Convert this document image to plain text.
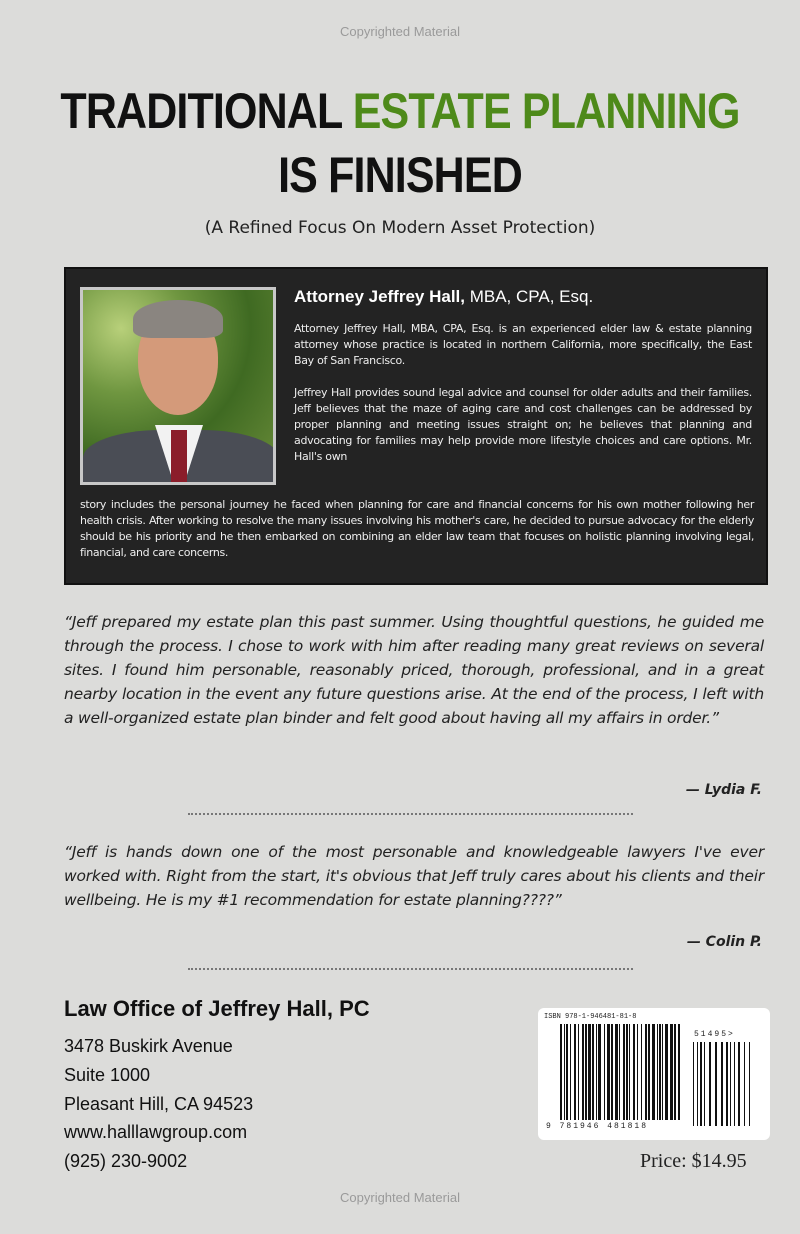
Copyrighted Material
TRADITIONAL ESTATE PLANNING
IS FINISHED
(A Refined Focus On Modern Asset Protection)
Attorney Jeffrey Hall, MBA, CPA, Esq.
Attorney Jeffrey Hall, MBA, CPA, Esq. is an experienced elder law & estate planning attorney whose practice is located in northern California, more specifically, the East Bay of San Francisco.
Jeffrey Hall provides sound legal advice and counsel for older adults and their families. Jeff believes that the maze of aging care and cost challenges can be addressed by proper planning and meeting issues straight on; he believes that planning and advocating for families may help provide more lifestyle choices and care options. Mr. Hall's own
story includes the personal journey he faced when planning for care and financial concerns for his own mother following her health crisis. After working to resolve the many issues involving his mother's care, he decided to pursue advocacy for the elderly should be his priority and he then embarked on combining an elder law team that focuses on holistic planning involving legal, financial, and care concerns.
“Jeff prepared my estate plan this past summer. Using thoughtful questions, he guided me through the process. I chose to work with him after reading many great reviews on several sites. I found him personable, reasonably priced, thorough, professional, and in a great nearby location in the event any future questions arise. At the end of the process, I left with a well-organized estate plan binder and felt good about having all my affairs in order.”
— Lydia F.
“Jeff is hands down one of the most personable and knowledgeable lawyers I've ever worked with. Right from the start, it's obvious that Jeff truly cares about his clients and their wellbeing. He is my #1 recommendation for estate planning????”
— Colin P.
Law Office of Jeffrey Hall, PC
3478 Buskirk Avenue
Suite 1000
Pleasant Hill, CA 94523
www.halllawgroup.com
(925) 230-9002
ISBN 978-1-946481-81-8
9 781946 481818
51495>
Price: $14.95
Copyrighted Material
